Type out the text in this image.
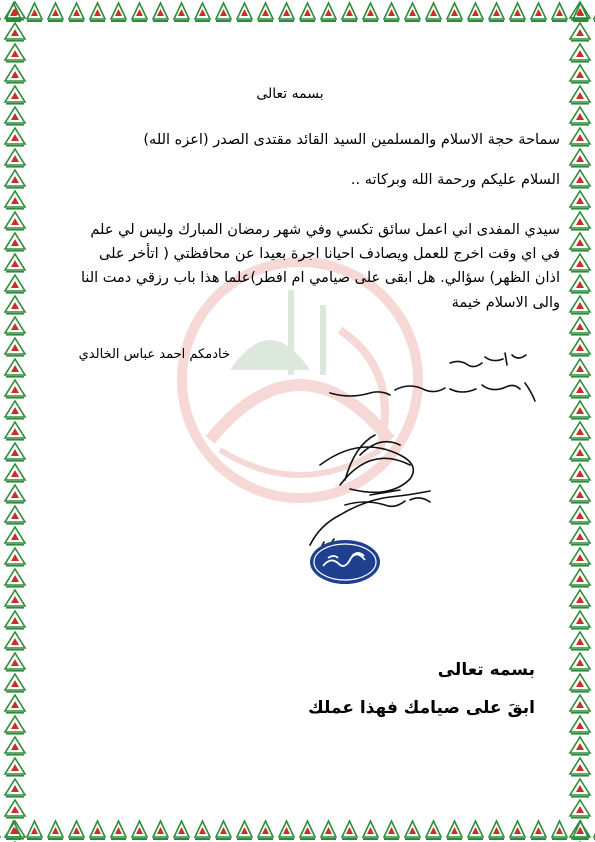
بسمه تعالى
سماحة حجة الاسلام والمسلمين السيد القائد مقتدى الصدر (اعزه الله)
السلام عليكم ورحمة الله وبركاته ..
سيدي المفدى اني اعمل سائق تكسي وفي شهر رمضان المبارك وليس لي علم
في اي وقت اخرج للعمل ويصادف احيانا اجرة بعيدا عن محافظتي ( اتأخر على
اذان الظهر) سؤالي. هل ابقى على صيامي ام افطر)علما هذا باب رزقي دمت النا
والى الاسلام خيمة
خادمكم احمد عباس الخالدي
بسمه تعالى
ابقَ على صيامك فهذا عملك
